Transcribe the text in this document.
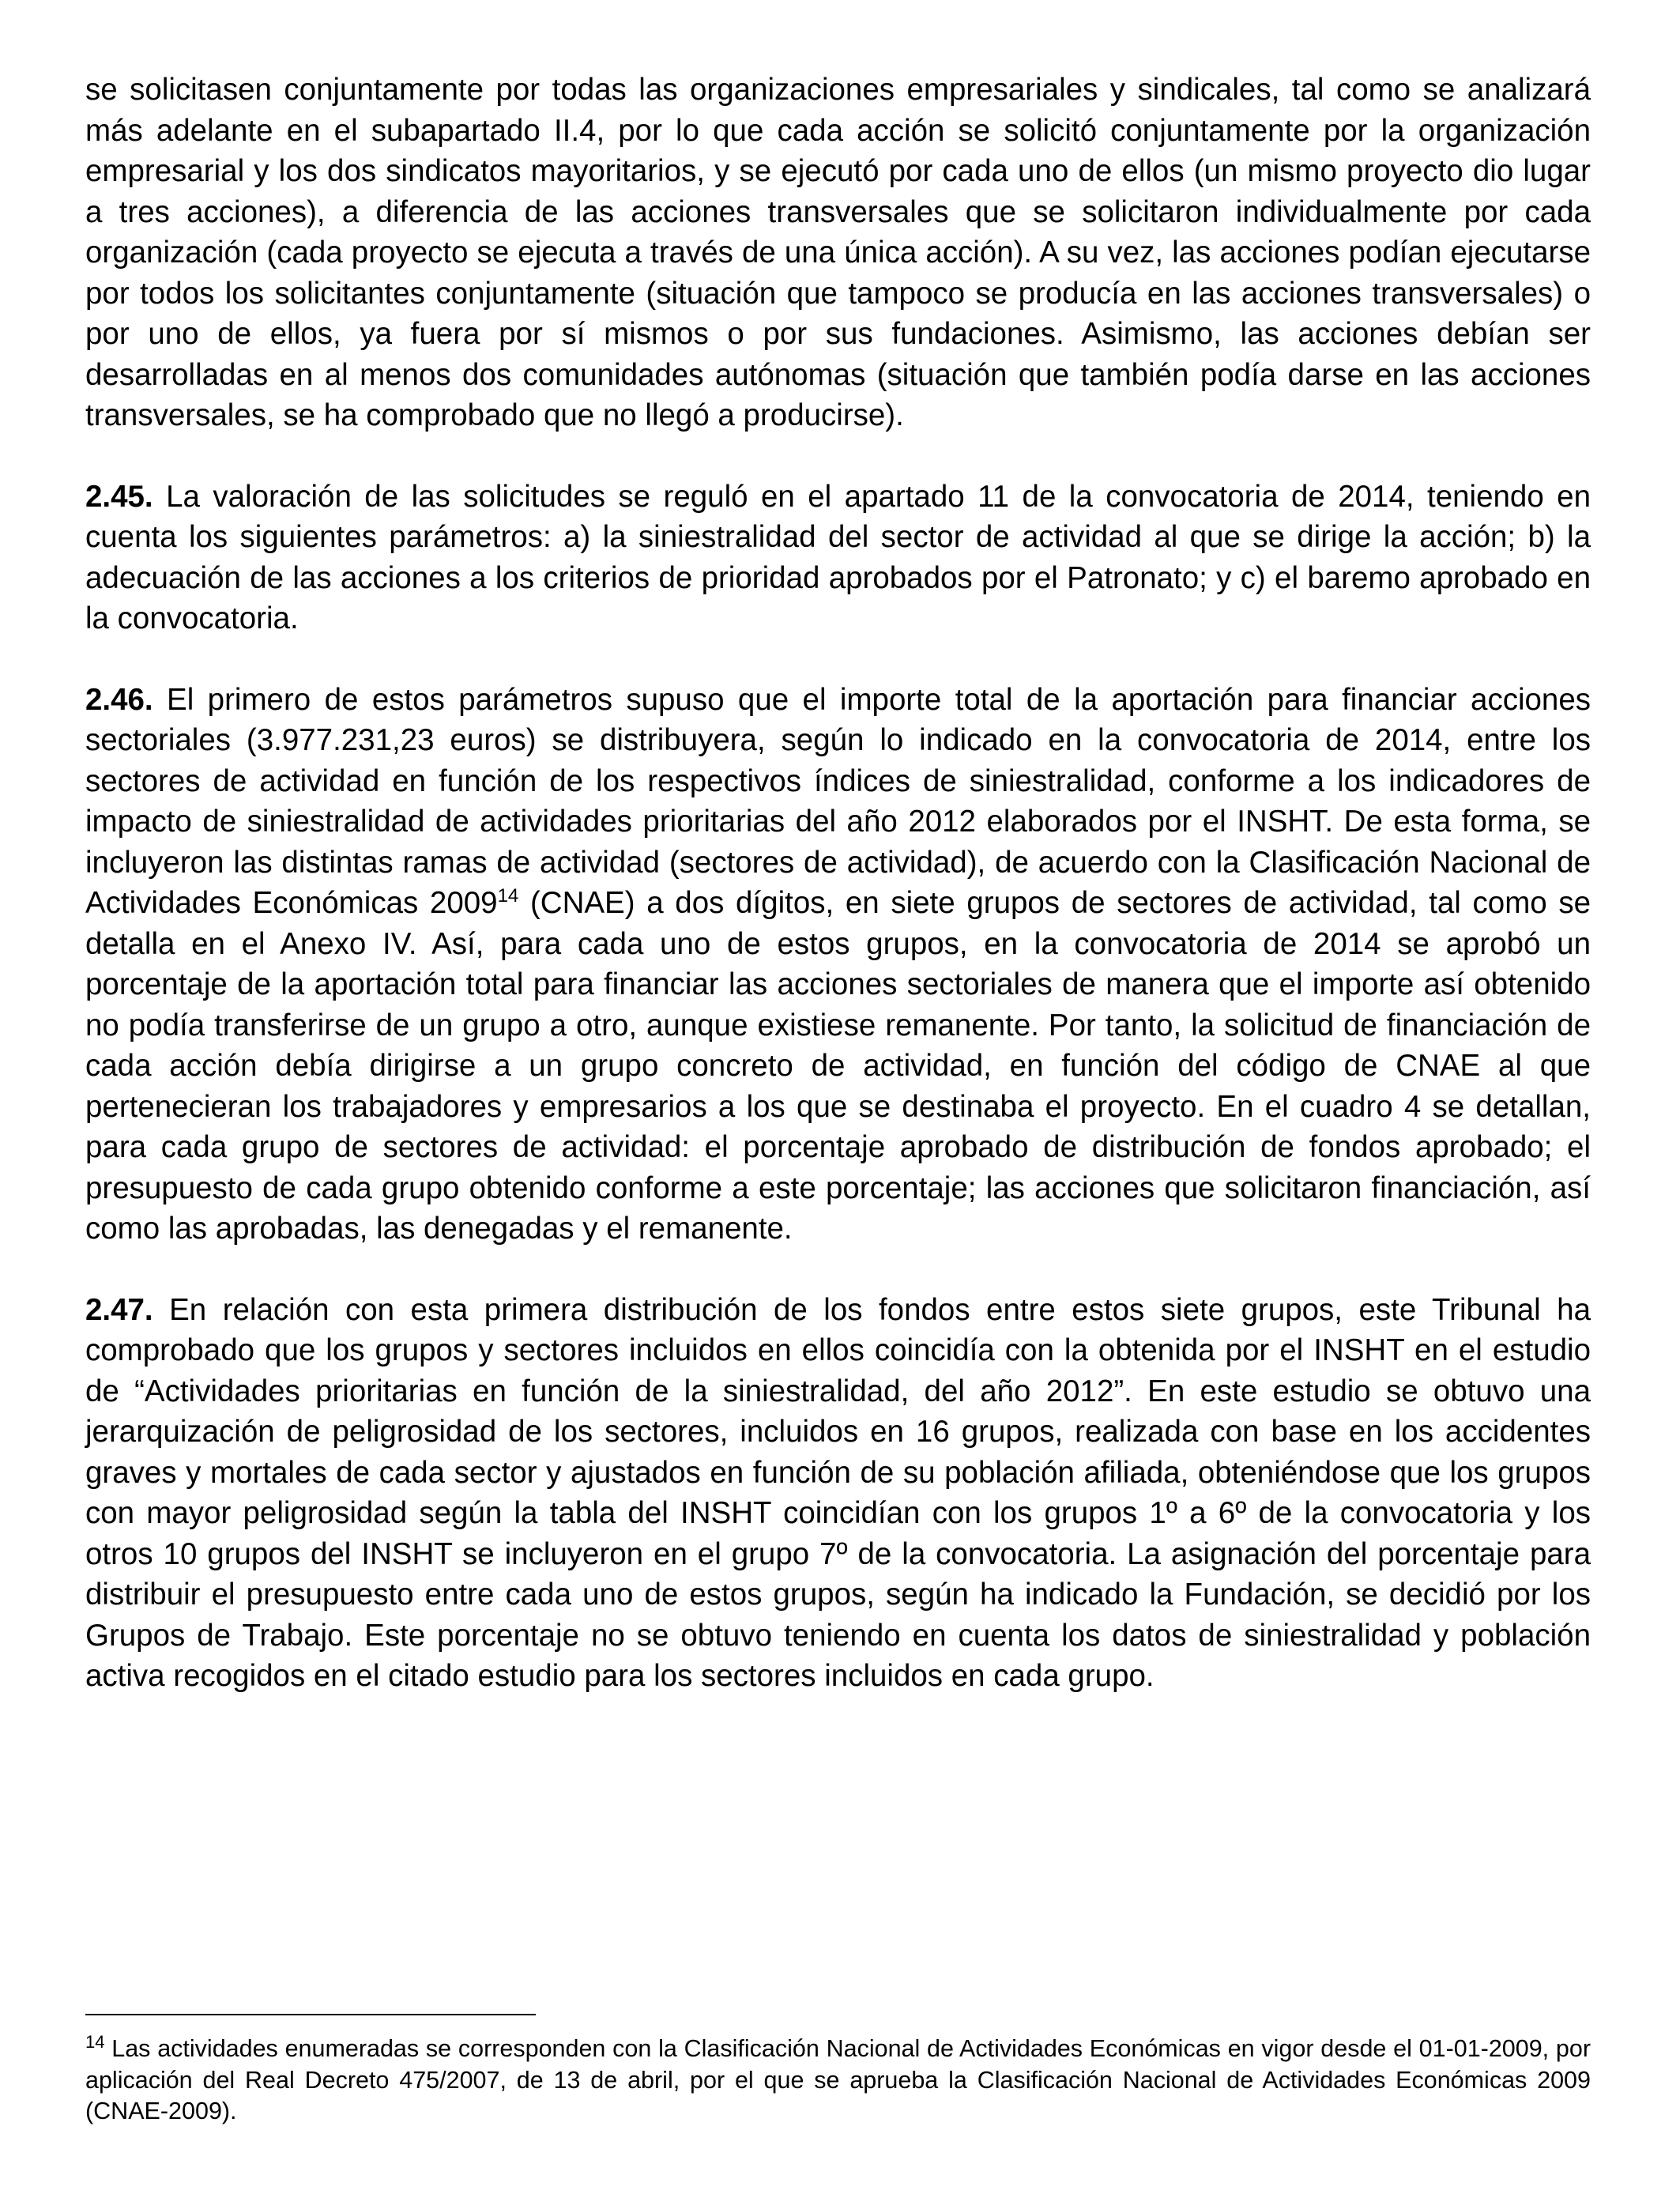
se solicitasen conjuntamente por todas las organizaciones empresariales y sindicales, tal como se analizará más adelante en el subapartado II.4, por lo que cada acción se solicitó conjuntamente por la organización empresarial y los dos sindicatos mayoritarios, y se ejecutó por cada uno de ellos (un mismo proyecto dio lugar a tres acciones), a diferencia de las acciones transversales que se solicitaron individualmente por cada organización (cada proyecto se ejecuta a través de una única acción). A su vez, las acciones podían ejecutarse por todos los solicitantes conjuntamente (situación que tampoco se producía en las acciones transversales) o por uno de ellos, ya fuera por sí mismos o por sus fundaciones. Asimismo, las acciones debían ser desarrolladas en al menos dos comunidades autónomas (situación que también podía darse en las acciones transversales, se ha comprobado que no llegó a producirse).

2.45. La valoración de las solicitudes se reguló en el apartado 11 de la convocatoria de 2014, teniendo en cuenta los siguientes parámetros: a) la siniestralidad del sector de actividad al que se dirige la acción; b) la adecuación de las acciones a los criterios de prioridad aprobados por el Patronato; y c) el baremo aprobado en la convocatoria.

2.46. El primero de estos parámetros supuso que el importe total de la aportación para financiar acciones sectoriales (3.977.231,23 euros) se distribuyera, según lo indicado en la convocatoria de 2014, entre los sectores de actividad en función de los respectivos índices de siniestralidad, conforme a los indicadores de impacto de siniestralidad de actividades prioritarias del año 2012 elaborados por el INSHT. De esta forma, se incluyeron las distintas ramas de actividad (sectores de actividad), de acuerdo con la Clasificación Nacional de Actividades Económicas 2009$^{14}$ (CNAE) a dos dígitos, en siete grupos de sectores de actividad, tal como se detalla en el Anexo IV. Así, para cada uno de estos grupos, en la convocatoria de 2014 se aprobó un porcentaje de la aportación total para financiar las acciones sectoriales de manera que el importe así obtenido no podía transferirse de un grupo a otro, aunque existiese remanente. Por tanto, la solicitud de financiación de cada acción debía dirigirse a un grupo concreto de actividad, en función del código de CNAE al que pertenecieran los trabajadores y empresarios a los que se destinaba el proyecto. En el cuadro 4 se detallan, para cada grupo de sectores de actividad: el porcentaje aprobado de distribución de fondos aprobado; el presupuesto de cada grupo obtenido conforme a este porcentaje; las acciones que solicitaron financiación, así como las aprobadas, las denegadas y el remanente.

2.47. En relación con esta primera distribución de los fondos entre estos siete grupos, este Tribunal ha comprobado que los grupos y sectores incluidos en ellos coincidía con la obtenida por el INSHT en el estudio de “Actividades prioritarias en función de la siniestralidad, del año 2012”. En este estudio se obtuvo una jerarquización de peligrosidad de los sectores, incluidos en 16 grupos, realizada con base en los accidentes graves y mortales de cada sector y ajustados en función de su población afiliada, obteniéndose que los grupos con mayor peligrosidad según la tabla del INSHT coincidían con los grupos 1º a 6º de la convocatoria y los otros 10 grupos del INSHT se incluyeron en el grupo 7º de la convocatoria. La asignación del porcentaje para distribuir el presupuesto entre cada uno de estos grupos, según ha indicado la Fundación, se decidió por los Grupos de Trabajo. Este porcentaje no se obtuvo teniendo en cuenta los datos de siniestralidad y población activa recogidos en el citado estudio para los sectores incluidos en cada grupo.

$^{14}$ Las actividades enumeradas se corresponden con la Clasificación Nacional de Actividades Económicas en vigor desde el 01-01-2009, por aplicación del Real Decreto 475/2007, de 13 de abril, por el que se aprueba la Clasificación Nacional de Actividades Económicas 2009 (CNAE-2009).
